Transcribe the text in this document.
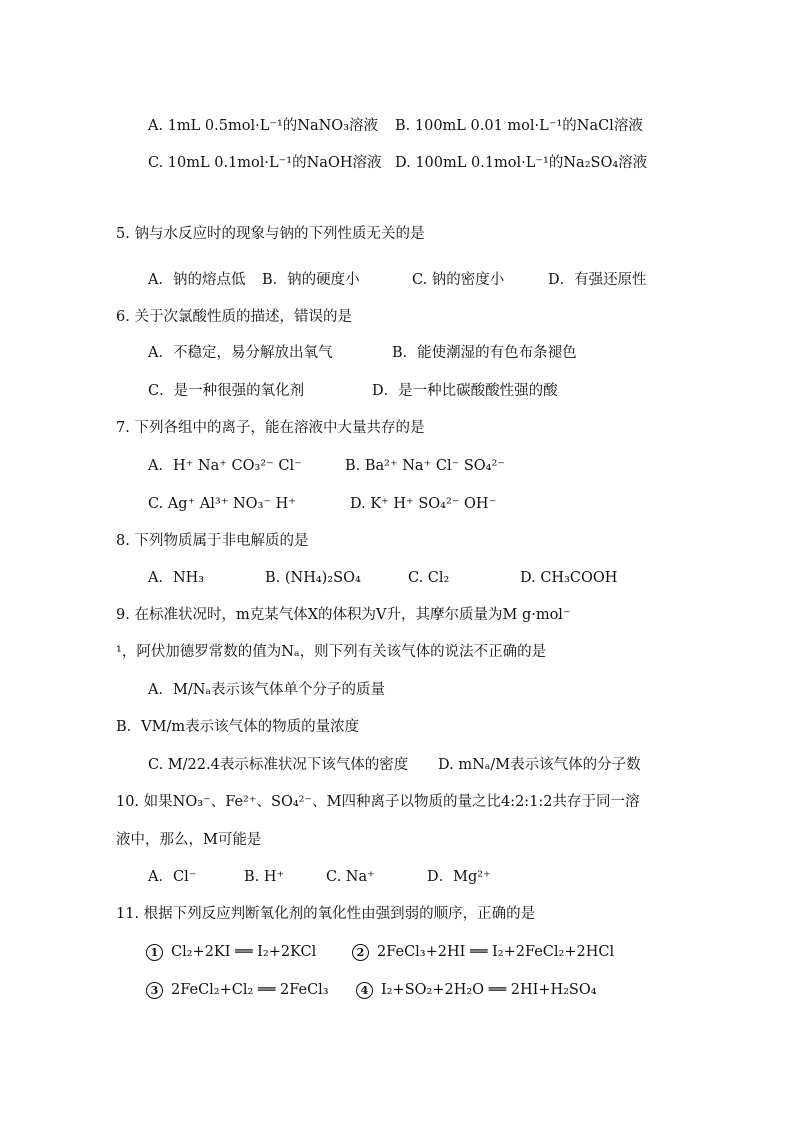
A. 1mL 0.5mol·L⁻¹的NaNO₃溶液 B. 100mL 0.01 mol·L⁻¹的NaCl溶液
C. 10mL 0.1mol·L⁻¹的NaOH溶液 D. 100mL 0.1mol·L⁻¹的Na₂SO₄溶液
5. 钠与水反应时的现象与钠的下列性质无关的是
A．钠的熔点低 B．钠的硬度小	C. 钠的密度小	D．有强还原性
6. 关于次氯酸性质的描述，错误的是
A．不稳定，易分解放出氧气	B．能使潮湿的有色布条褪色
C．是一种很强的氧化剂	D．是一种比碳酸酸性强的酸
7. 下列各组中的离子，能在溶液中大量共存的是
A．H⁺ Na⁺ CO₃²⁻ Cl⁻	B. Ba²⁺ Na⁺ Cl⁻ SO₄²⁻
C. Ag⁺ Al³⁺ NO₃⁻ H⁺	D. K⁺ H⁺ SO₄²⁻ OH⁻
8. 下列物质属于非电解质的是
A．NH₃	B. (NH₄)₂SO₄	C. Cl₂	D. CH₃COOH
9. 在标准状况时，m克某气体X的体积为V升，其摩尔质量为M g·mol⁻
¹，阿伏加德罗常数的值为Nₐ，则下列有关该气体的说法不正确的是
A．M/Nₐ表示该气体单个分子的质量
B．VM/m表示该气体的物质的量浓度
C. M/22.4表示标准状况下该气体的密度 D. mNₐ/M表示该气体的分子数
10. 如果NO₃⁻、Fe²⁺、SO₄²⁻、M四种离子以物质的量之比4:2:1:2共存于同一溶
液中，那么，M可能是
A．Cl⁻	B. H⁺	C. Na⁺	D．Mg²⁺
11. 根据下列反应判断氧化剂的氧化性由强到弱的顺序，正确的是
1 Cl₂+2KI ══ I₂+2KCl	2 2FeCl₃+2HI ══ I₂+2FeCl₂+2HCl
3 2FeCl₂+Cl₂ ══ 2FeCl₃	4 I₂+SO₂+2H₂O ══ 2HI+H₂SO₄
